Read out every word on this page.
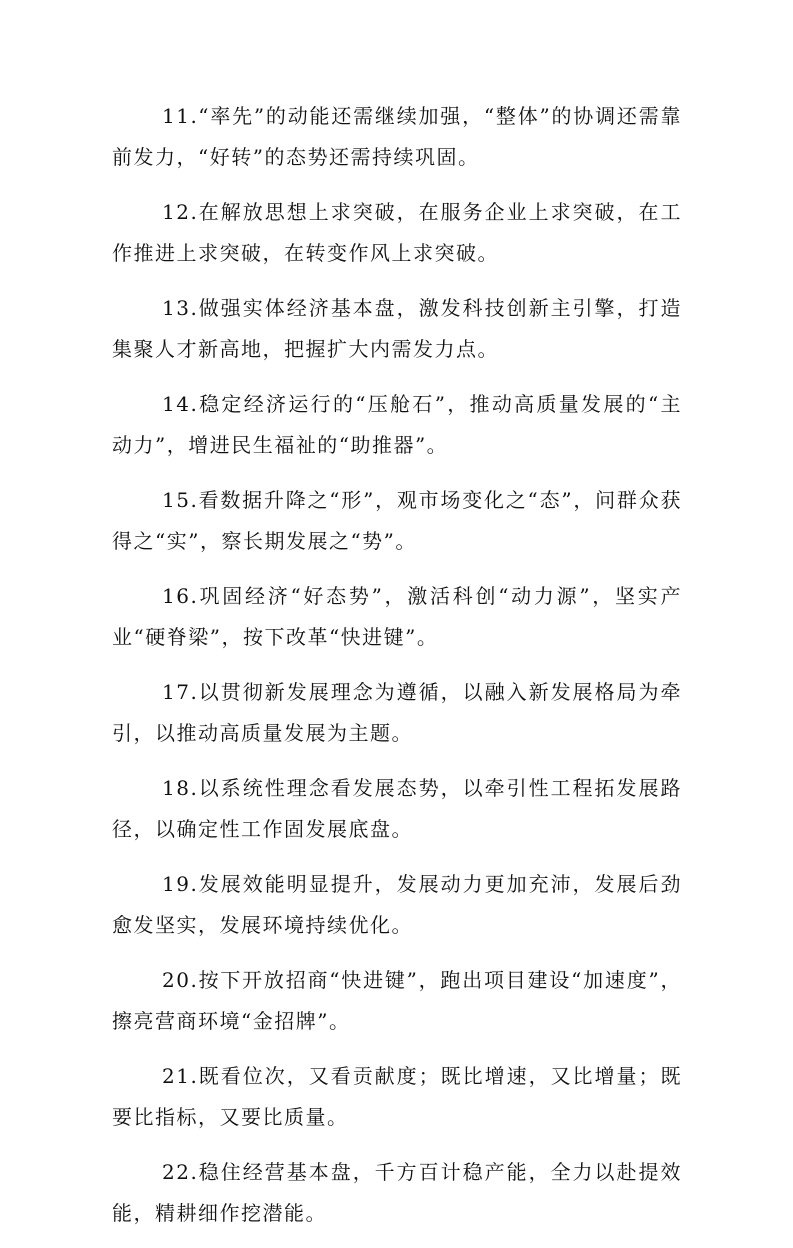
11.“率先”的动能还需继续加强，“整体”的协调还需靠前发力，“好转”的态势还需持续巩固。

12.在解放思想上求突破，在服务企业上求突破，在工作推进上求突破，在转变作风上求突破。

13.做强实体经济基本盘，激发科技创新主引擎，打造集聚人才新高地，把握扩大内需发力点。

14.稳定经济运行的“压舱石”，推动高质量发展的“主动力”，增进民生福祉的“助推器”。

15.看数据升降之“形”，观市场变化之“态”，问群众获得之“实”，察长期发展之“势”。

16.巩固经济“好态势”，激活科创“动力源”，坚实产业“硬脊梁”，按下改革“快进键”。

17.以贯彻新发展理念为遵循，以融入新发展格局为牵引，以推动高质量发展为主题。

18.以系统性理念看发展态势，以牵引性工程拓发展路径，以确定性工作固发展底盘。

19.发展效能明显提升，发展动力更加充沛，发展后劲愈发坚实，发展环境持续优化。

20.按下开放招商“快进键”，跑出项目建设“加速度”，擦亮营商环境“金招牌”。

21.既看位次，又看贡献度；既比增速，又比增量；既要比指标，又要比质量。

22.稳住经营基本盘，千方百计稳产能，全力以赴提效能，精耕细作挖潜能。
